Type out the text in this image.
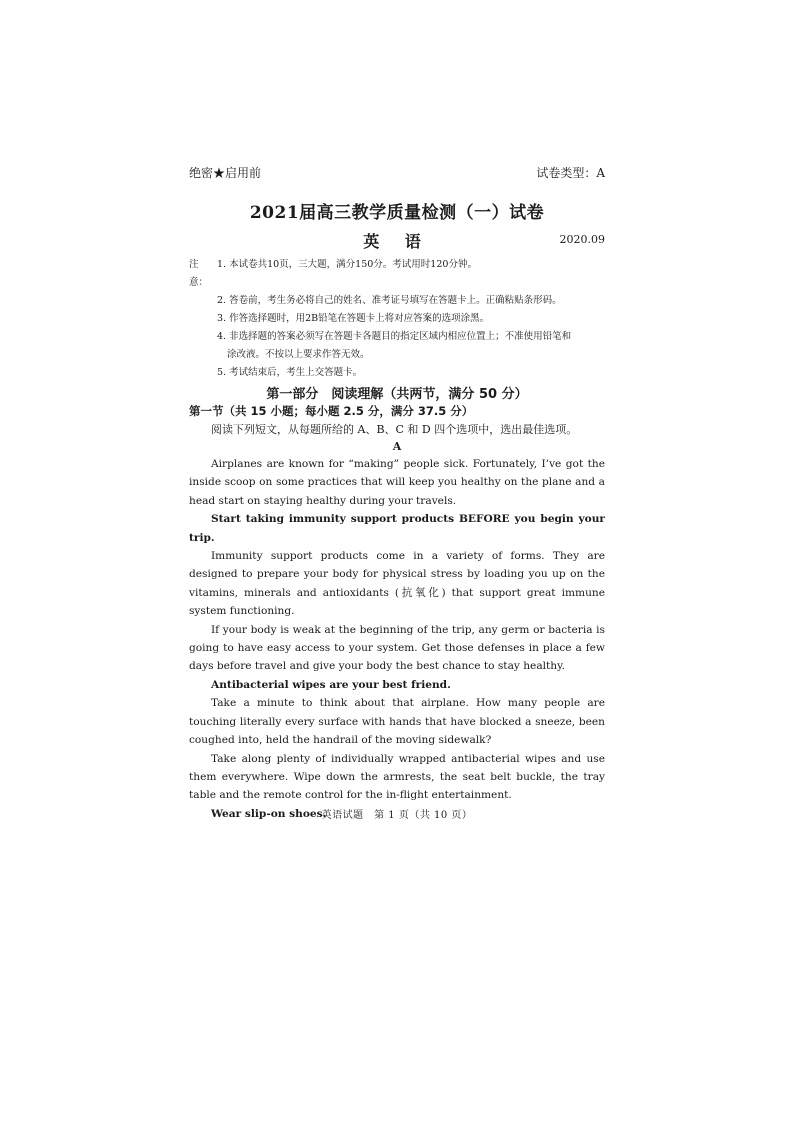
绝密★启用前	试卷类型：A
2021届高三教学质量检测（一）试卷
英 语	2020.09
注意：
1. 本试卷共10页，三大题，满分150分。考试用时120分钟。
2. 答卷前，考生务必将自己的姓名、准考证号填写在答题卡上。正确粘贴条形码。
3. 作答选择题时，用2B铅笔在答题卡上将对应答案的选项涂黑。
4. 非选择题的答案必须写在答题卡各题目的指定区域内相应位置上；不准使用铅笔和
涂改液。不按以上要求作答无效。
5. 考试结束后，考生上交答题卡。
第一部分　阅读理解（共两节，满分 50 分）
第一节（共 15 小题；每小题 2.5 分，满分 37.5 分）
阅读下列短文，从每题所给的 A、B、C 和 D 四个选项中，选出最佳选项。
A

Airplanes are known for “making” people sick. Fortunately, I’ve got the inside scoop on some practices that will keep you healthy on the plane and a head start on staying healthy during your travels.

Start taking immunity support products BEFORE you begin your trip.

Immunity support products come in a variety of forms. They are designed to prepare your body for physical stress by loading you up on the vitamins, minerals and antioxidants (抗氧化) that support great immune system functioning.

If your body is weak at the beginning of the trip, any germ or bacteria is going to have easy access to your system. Get those defenses in place a few days before travel and give your body the best chance to stay healthy.

Antibacterial wipes are your best friend.

Take a minute to think about that airplane. How many people are touching literally every surface with hands that have blocked a sneeze, been coughed into, held the handrail of the moving sidewalk?

Take along plenty of individually wrapped antibacterial wipes and use them everywhere. Wipe down the armrests, the seat belt buckle, the tray table and the remote control for the in-flight entertainment.

Wear slip-on shoes.

英语试题　第 1 页（共 10 页）
